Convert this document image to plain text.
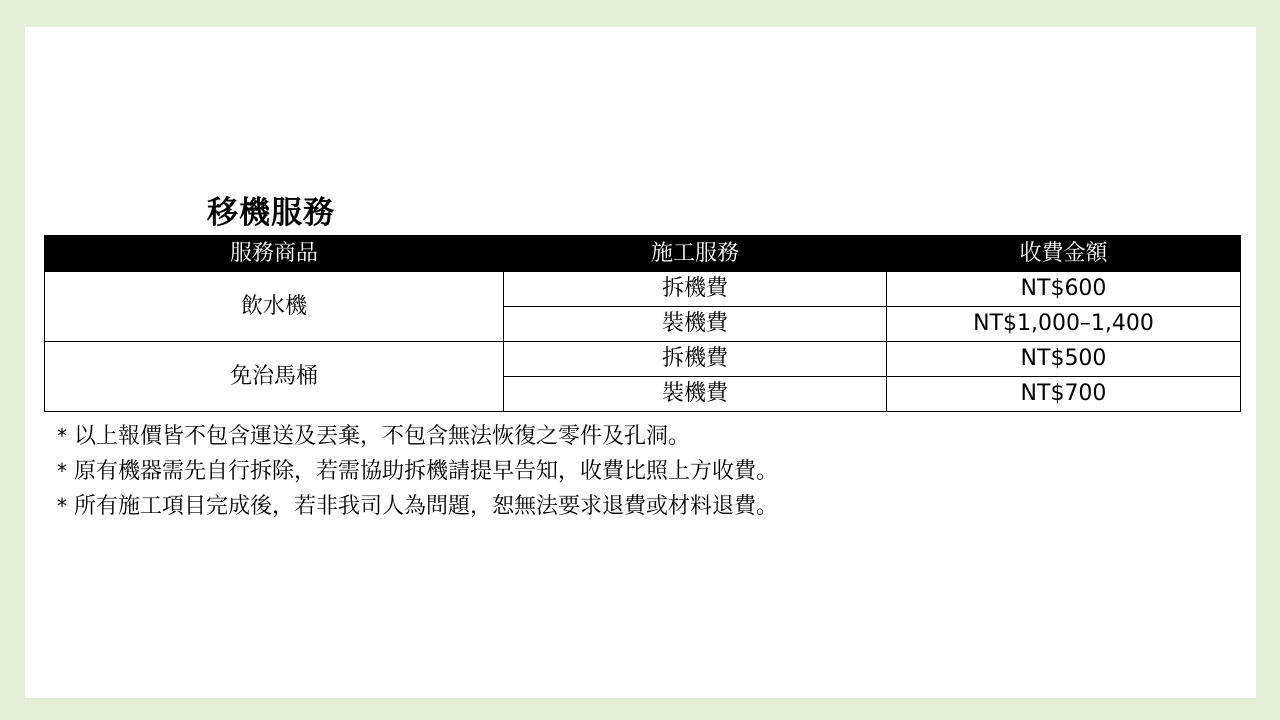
移機服務
服務商品	施工服務	收費金額
飲水機	拆機費	NT$600
	裝機費	NT$1,000–1,400
免治馬桶	拆機費	NT$500
	裝機費	NT$700
* 以上報價皆不包含運送及丟棄，不包含無法恢復之零件及孔洞。
* 原有機器需先自行拆除，若需協助拆機請提早告知，收費比照上方收費。
* 所有施工項目完成後，若非我司人為問題，恕無法要求退費或材料退費。
